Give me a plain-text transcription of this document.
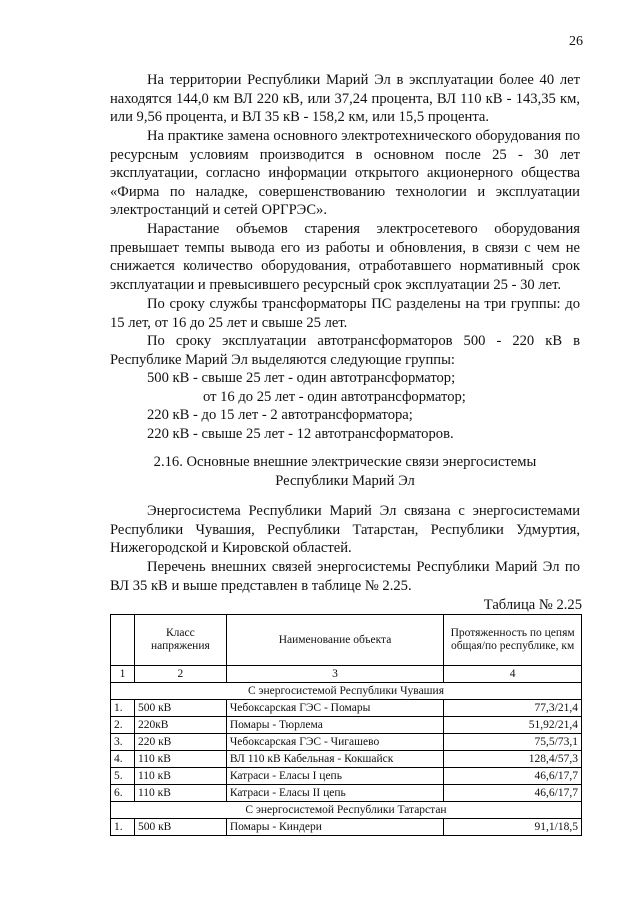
26
На территории Республики Марий Эл в эксплуатации более 40 лет находятся 144,0 км ВЛ 220 кВ, или 37,24 процента, ВЛ 110 кВ - 143,35 км, или 9,56 процента, и ВЛ 35 кВ - 158,2 км, или 15,5 процента.
На практике замена основного электротехнического оборудования по ресурсным условиям производится в основном после 25 - 30 лет эксплуатации, согласно информации открытого акционерного общества «Фирма по наладке, совершенствованию технологии и эксплуатации электростанций и сетей ОРГРЭС».
Нарастание объемов старения электросетевого оборудования превышает темпы вывода его из работы и обновления, в связи с чем не снижается количество оборудования, отработавшего нормативный срок эксплуатации и превысившего ресурсный срок эксплуатации 25 - 30 лет.
По сроку службы трансформаторы ПС разделены на три группы: до 15 лет, от 16 до 25 лет и свыше 25 лет.
По сроку эксплуатации автотрансформаторов 500 - 220 кВ в Республике Марий Эл выделяются следующие группы:
500 кВ - свыше 25 лет - один автотрансформатор;
от 16 до 25 лет - один автотрансформатор;
220 кВ - до 15 лет - 2 автотрансформатора;
220 кВ - свыше 25 лет - 12 автотрансформаторов.
2.16. Основные внешние электрические связи энергосистемы
Республики Марий Эл
Энергосистема Республики Марий Эл связана с энергосистемами Республики Чувашия, Республики Татарстан, Республики Удмуртия, Нижегородской и Кировской областей.
Перечень внешних связей энергосистемы Республики Марий Эл по ВЛ 35 кВ и выше представлен в таблице № 2.25.
Таблица № 2.25
	Класс напряжения	Наименование объекта	Протяженность по цепям общая/по республике, км
1	2	3	4
С энергосистемой Республики Чувашия			
1.	500 кВ	Чебоксарская ГЭС - Помары	77,3/21,4
2.	220кВ	Помары - Тюрлема	51,92/21,4
3.	220 кВ	Чебоксарская ГЭС - Чигашево	75,5/73,1
4.	110 кВ	ВЛ 110 кВ Кабельная - Кокшайск	128,4/57,3
5.	110 кВ	Катраси - Еласы I цепь	46,6/17,7
6.	110 кВ	Катраси - Еласы II цепь	46,6/17,7
С энергосистемой Республики Татарстан			
1.	500 кВ	Помары - Киндери	91,1/18,5
